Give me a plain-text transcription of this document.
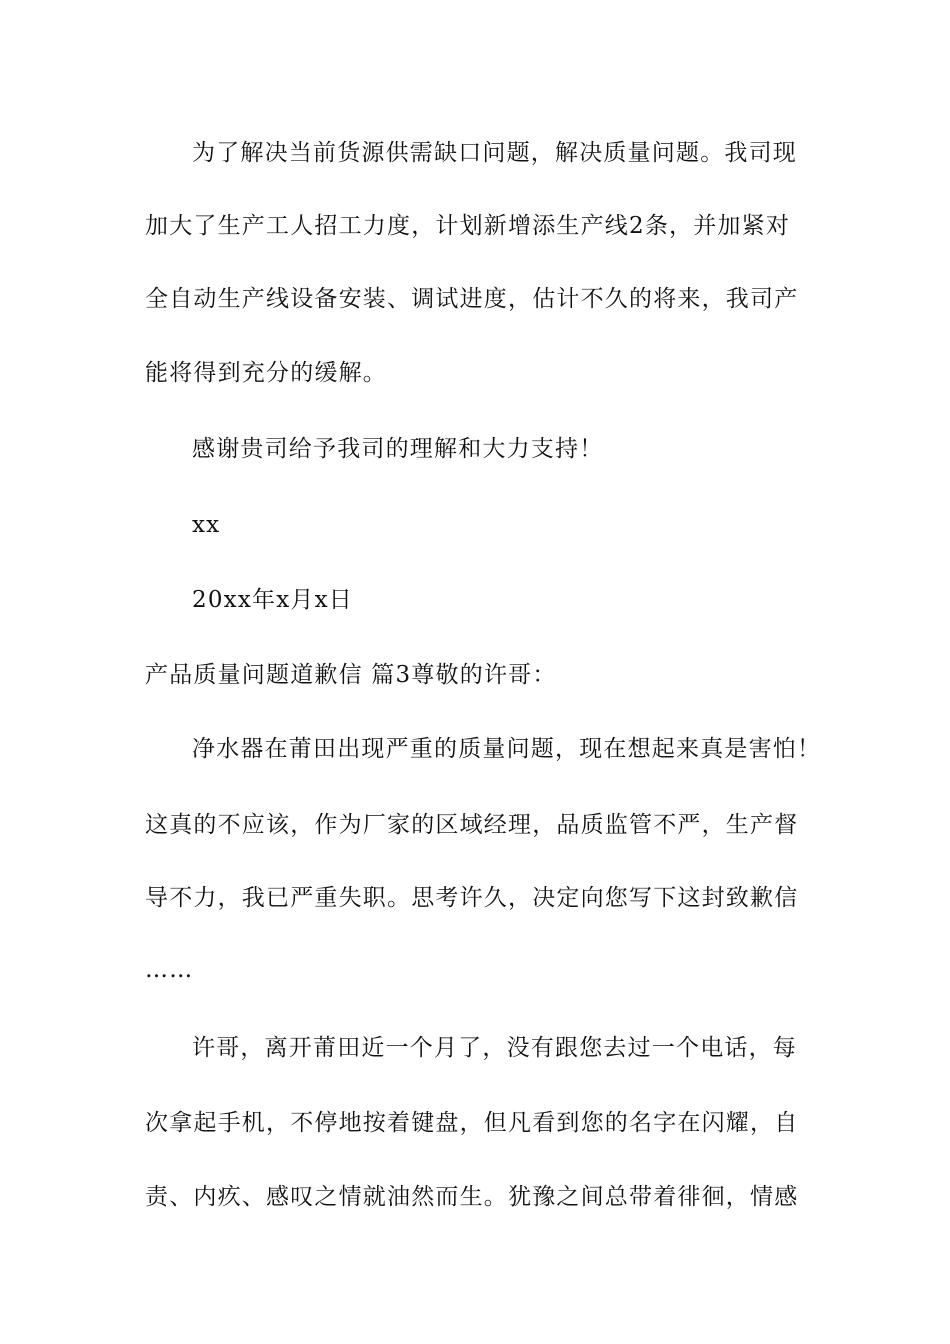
为了解决当前货源供需缺口问题，解决质量问题。我司现
加大了生产工人招工力度，计划新增添生产线2条，并加紧对
全自动生产线设备安装、调试进度，估计不久的将来，我司产
能将得到充分的缓解。
感谢贵司给予我司的理解和大力支持！
xx
20xx年x月x日
产品质量问题道歉信 篇3尊敬的许哥：
净水器在莆田出现严重的质量问题，现在想起来真是害怕！
这真的不应该，作为厂家的区域经理，品质监管不严，生产督
导不力，我已严重失职。思考许久，决定向您写下这封致歉信
……
许哥，离开莆田近一个月了，没有跟您去过一个电话，每
次拿起手机，不停地按着键盘，但凡看到您的名字在闪耀，自
责、内疚、感叹之情就油然而生。犹豫之间总带着徘徊，情感
